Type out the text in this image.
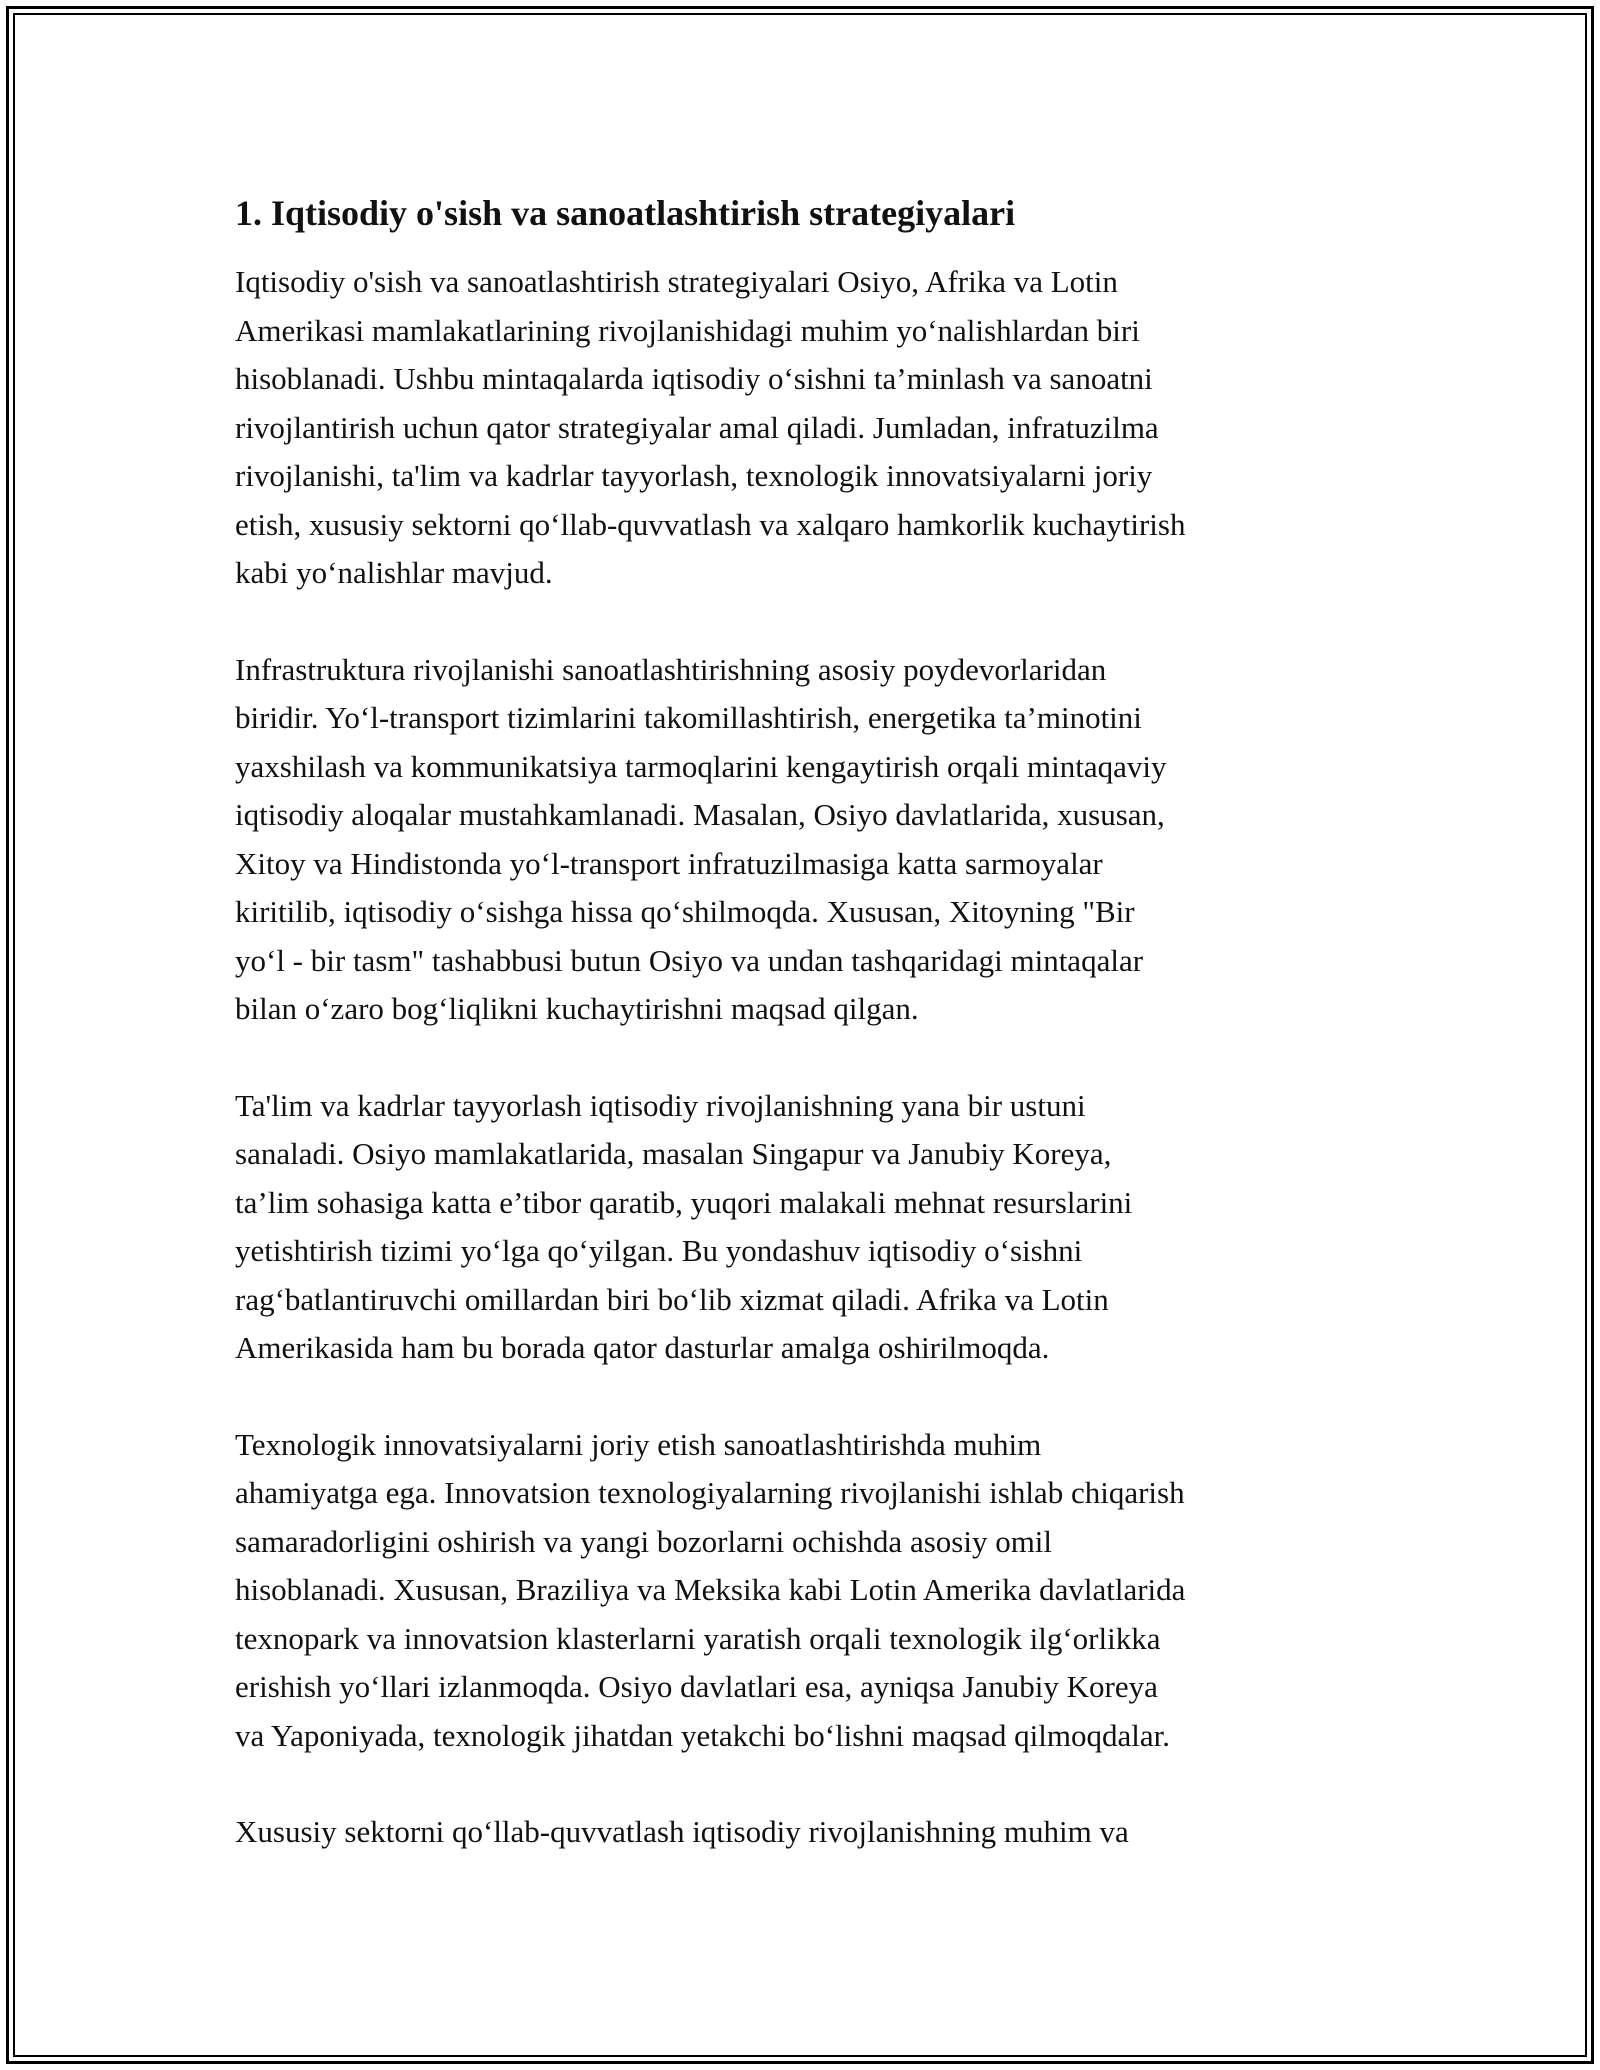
1. Iqtisodiy o'sish va sanoatlashtirish strategiyalari
Iqtisodiy o'sish va sanoatlashtirish strategiyalari Osiyo, Afrika va Lotin
Amerikasi mamlakatlarining rivojlanishidagi muhim yo‘nalishlardan biri
hisoblanadi. Ushbu mintaqalarda iqtisodiy o‘sishni ta’minlash va sanoatni
rivojlantirish uchun qator strategiyalar amal qiladi. Jumladan, infratuzilma
rivojlanishi, ta'lim va kadrlar tayyorlash, texnologik innovatsiyalarni joriy
etish, xususiy sektorni qo‘llab-quvvatlash va xalqaro hamkorlik kuchaytirish
kabi yo‘nalishlar mavjud.
Infrastruktura rivojlanishi sanoatlashtirishning asosiy poydevorlaridan
biridir. Yo‘l-transport tizimlarini takomillashtirish, energetika ta’minotini
yaxshilash va kommunikatsiya tarmoqlarini kengaytirish orqali mintaqaviy
iqtisodiy aloqalar mustahkamlanadi. Masalan, Osiyo davlatlarida, xususan,
Xitoy va Hindistonda yo‘l-transport infratuzilmasiga katta sarmoyalar
kiritilib, iqtisodiy o‘sishga hissa qo‘shilmoqda. Xususan, Xitoyning "Bir
yo‘l - bir tasm" tashabbusi butun Osiyo va undan tashqaridagi mintaqalar
bilan o‘zaro bog‘liqlikni kuchaytirishni maqsad qilgan.
Ta'lim va kadrlar tayyorlash iqtisodiy rivojlanishning yana bir ustuni
sanaladi. Osiyo mamlakatlarida, masalan Singapur va Janubiy Koreya,
ta’lim sohasiga katta e’tibor qaratib, yuqori malakali mehnat resurslarini
yetishtirish tizimi yo‘lga qo‘yilgan. Bu yondashuv iqtisodiy o‘sishni
rag‘batlantiruvchi omillardan biri bo‘lib xizmat qiladi. Afrika va Lotin
Amerikasida ham bu borada qator dasturlar amalga oshirilmoqda.
Texnologik innovatsiyalarni joriy etish sanoatlashtirishda muhim
ahamiyatga ega. Innovatsion texnologiyalarning rivojlanishi ishlab chiqarish
samaradorligini oshirish va yangi bozorlarni ochishda asosiy omil
hisoblanadi. Xususan, Braziliya va Meksika kabi Lotin Amerika davlatlarida
texnopark va innovatsion klasterlarni yaratish orqali texnologik ilg‘orlikka
erishish yo‘llari izlanmoqda. Osiyo davlatlari esa, ayniqsa Janubiy Koreya
va Yaponiyada, texnologik jihatdan yetakchi bo‘lishni maqsad qilmoqdalar.
Xususiy sektorni qo‘llab-quvvatlash iqtisodiy rivojlanishning muhim va
